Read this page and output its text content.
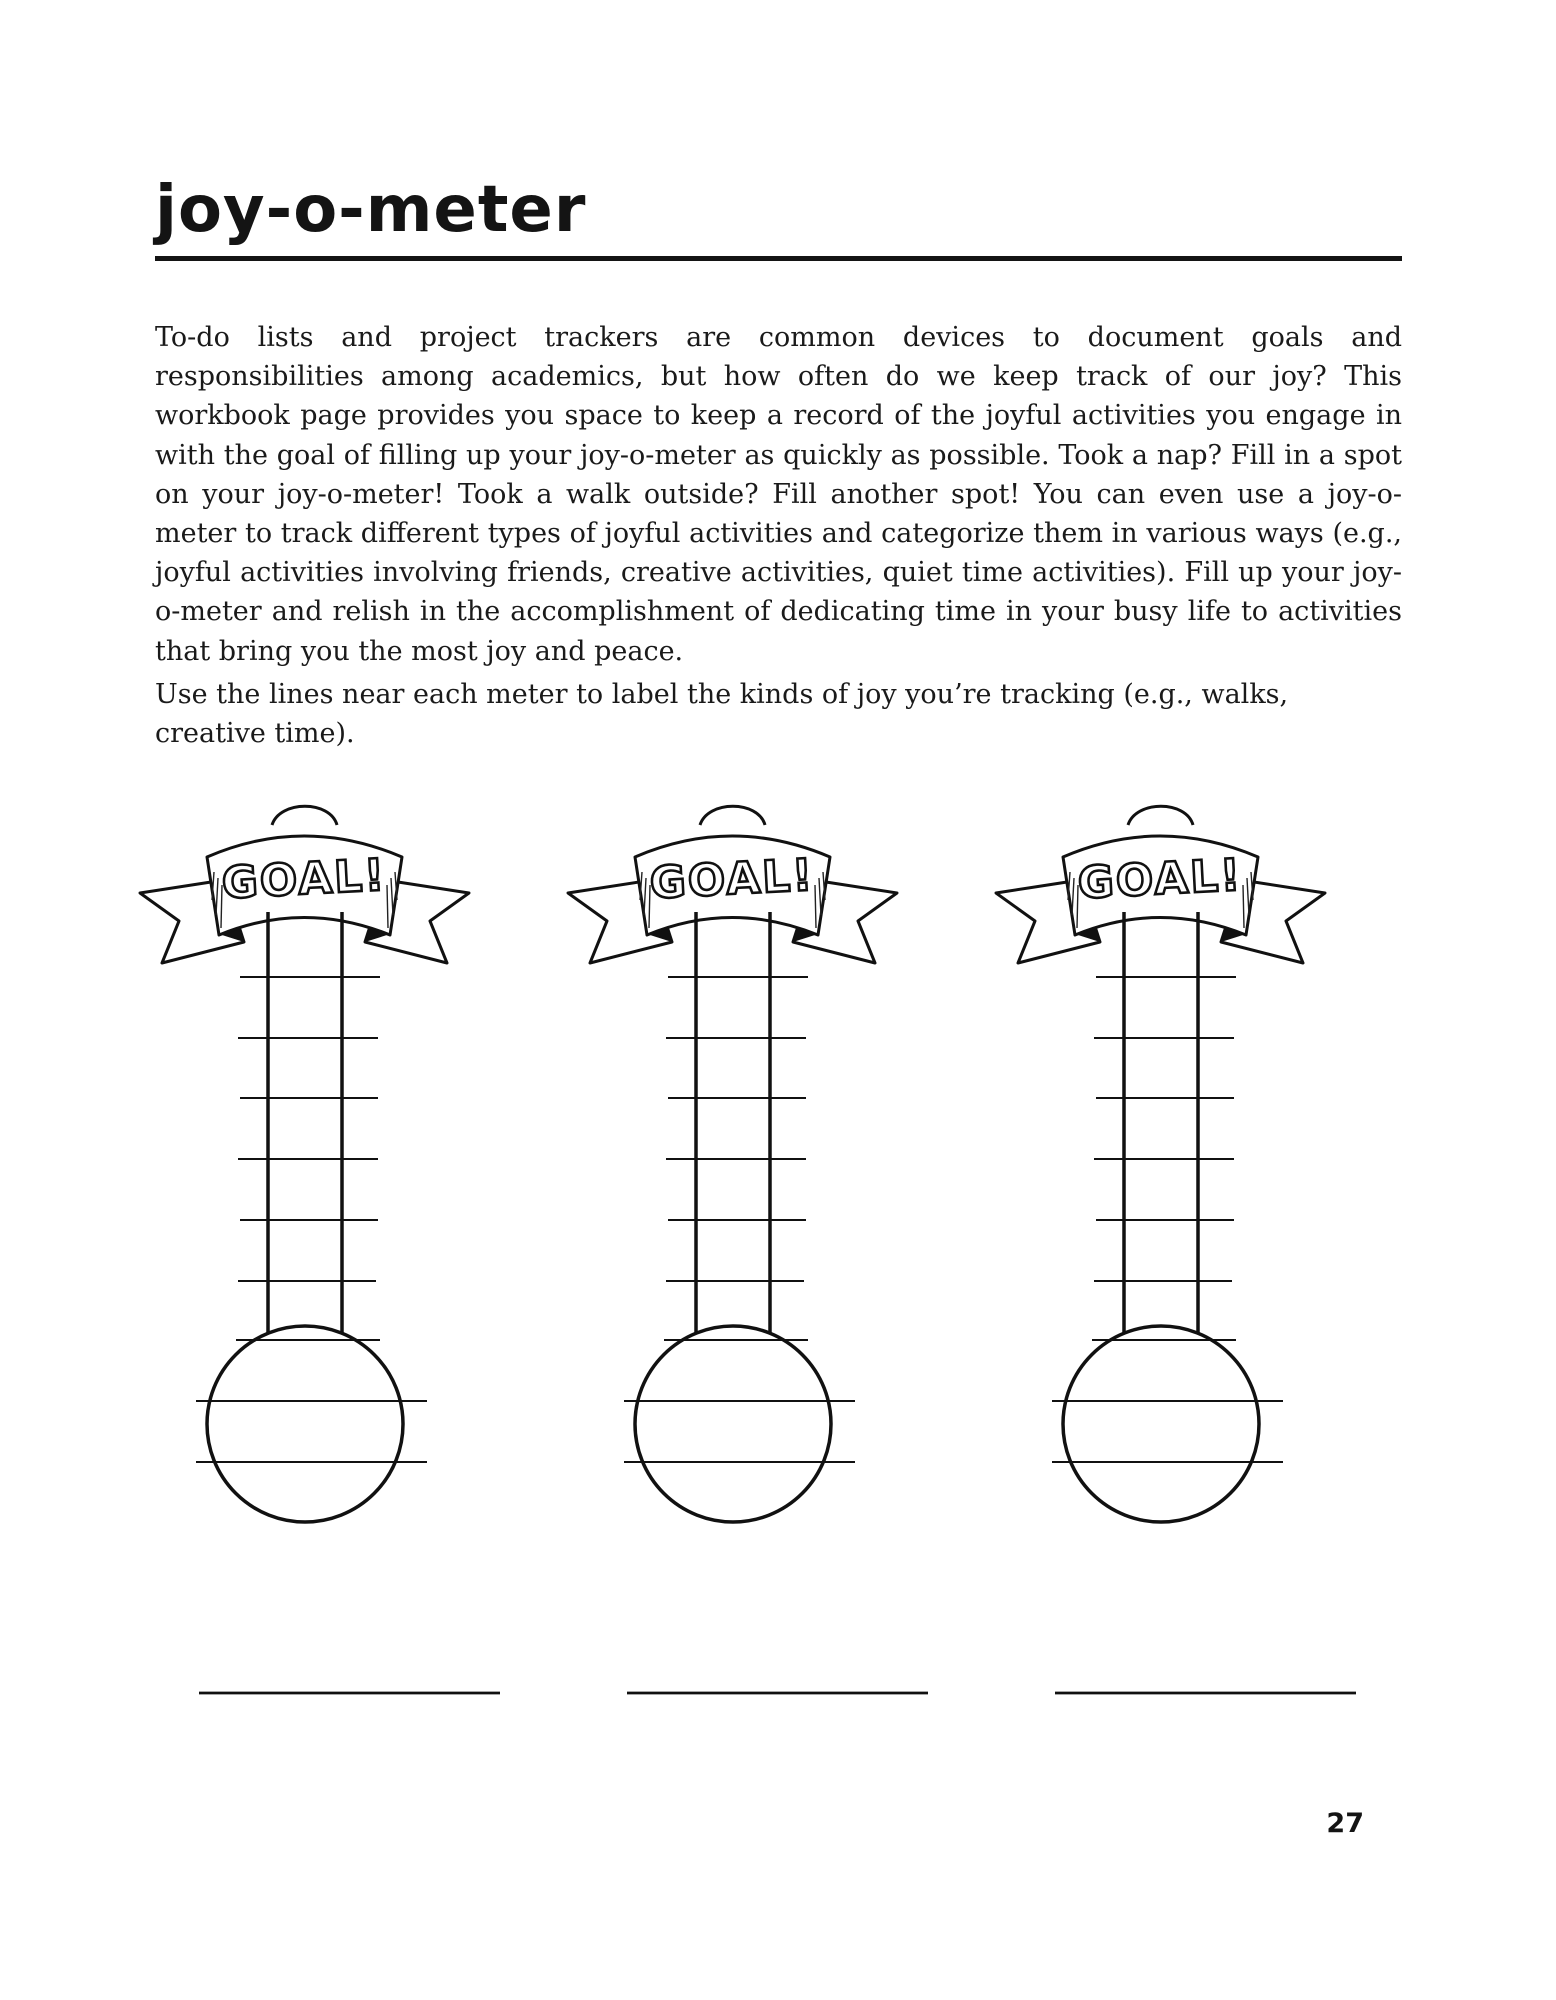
joy-o-meter

To-do lists and project trackers are common devices to document goals and responsibilities among academics, but how often do we keep track of our joy? This workbook page provides you space to keep a record of the joyful activities you engage in with the goal of filling up your joy-o-meter as quickly as possible. Took a nap? Fill in a spot on your joy-o-meter! Took a walk outside? Fill another spot! You can even use a joy-o-meter to track different types of joyful activities and categorize them in various ways (e.g., joyful activities involving friends, creative activities, quiet time activities). Fill up your joy-o-meter and relish in the accomplishment of dedicating time in your busy life to activities that bring you the most joy and peace.

Use the lines near each meter to label the kinds of joy you’re tracking (e.g., walks, creative time).

GOAL!	GOAL!	GOAL!
27
